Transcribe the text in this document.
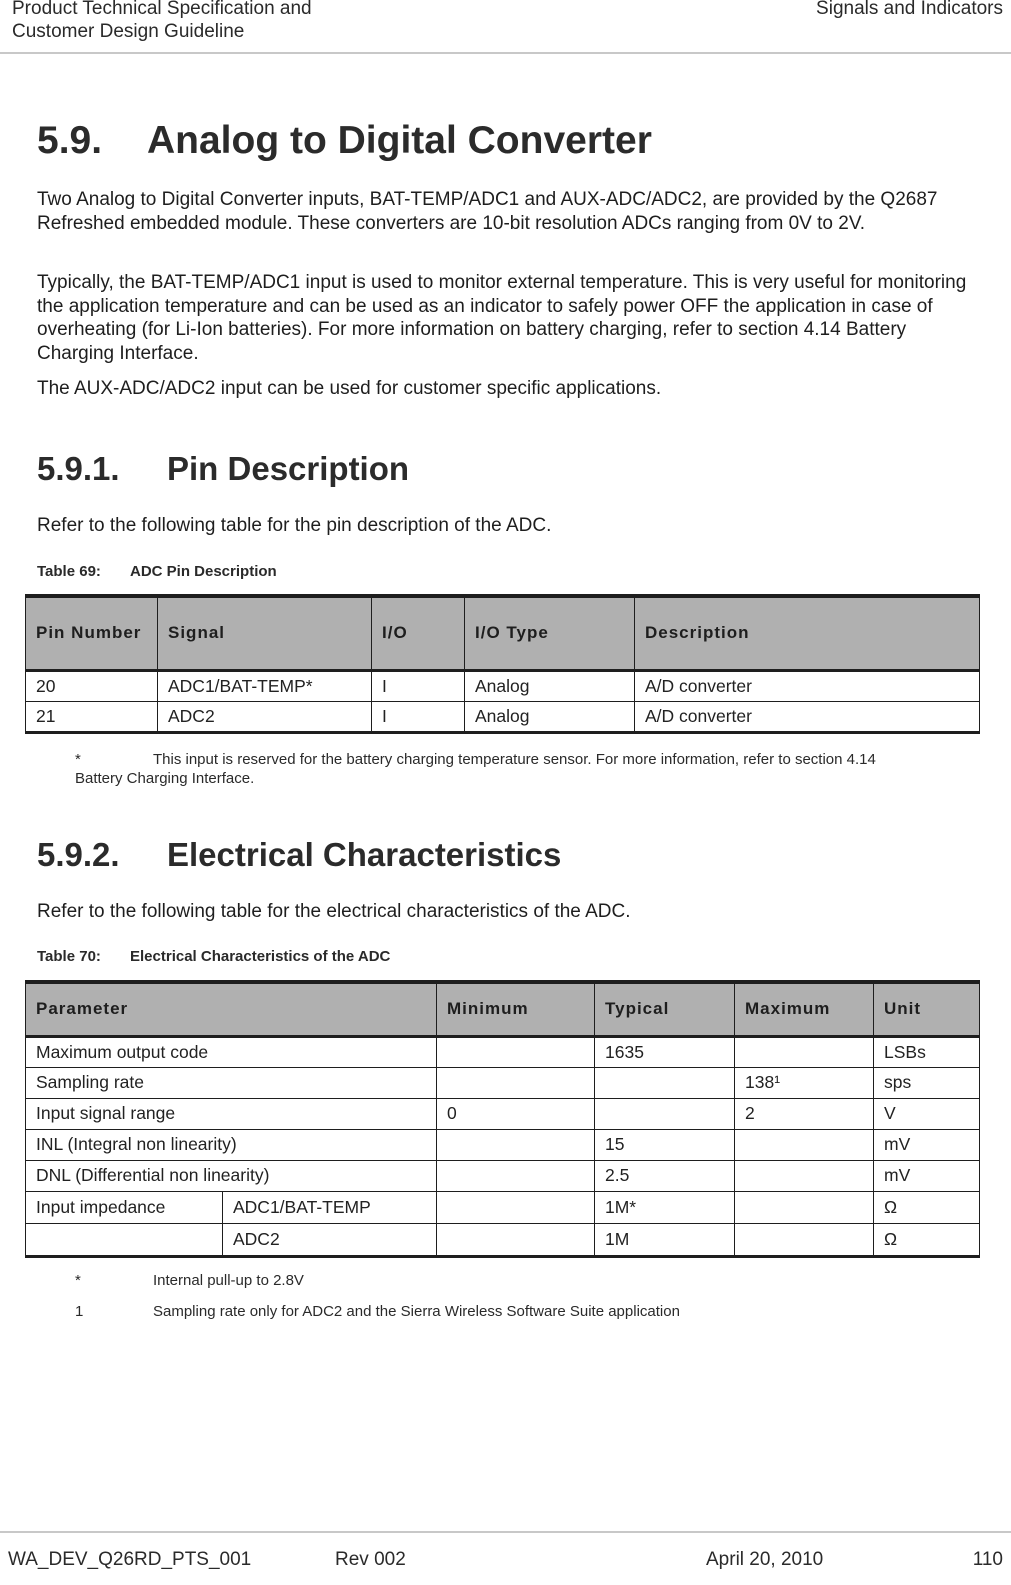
Product Technical Specification and
Customer Design Guideline
Signals and Indicators
5.9. Analog to Digital Converter

Two Analog to Digital Converter inputs, BAT-TEMP/ADC1 and AUX-ADC/ADC2, are provided by the Q2687 Refreshed embedded module. These converters are 10-bit resolution ADCs ranging from 0V to 2V.

Typically, the BAT-TEMP/ADC1 input is used to monitor external temperature. This is very useful for monitoring the application temperature and can be used as an indicator to safely power OFF the application in case of overheating (for Li-Ion batteries). For more information on battery charging, refer to section 4.14 Battery Charging Interface.

The AUX-ADC/ADC2 input can be used for customer specific applications.

5.9.1. Pin Description

Refer to the following table for the pin description of the ADC.

Table 69: ADC Pin Description
Pin Number	Signal	I/O	I/O Type	Description
20	ADC1/BAT-TEMP*	I	Analog	A/D converter
21	ADC2	I	Analog	A/D converter
*	This input is reserved for the battery charging temperature sensor. For more information, refer to section 4.14
Battery Charging Interface.
5.9.2. Electrical Characteristics

Refer to the following table for the electrical characteristics of the ADC.

Table 70: Electrical Characteristics of the ADC
Parameter		Minimum	Typical	Maximum	Unit
Maximum output code			1635		LSBs
Sampling rate				138¹	sps
Input signal range		0		2	V
INL (Integral non linearity)			15		mV
DNL (Differential non linearity)			2.5		mV
Input impedance	ADC1/BAT-TEMP		1M*		Ω
	ADC2		1M		Ω
*	Internal pull-up to 2.8V
1	Sampling rate only for ADC2 and the Sierra Wireless Software Suite application
WA_DEV_Q26RD_PTS_001	Rev 002	April 20, 2010	110
